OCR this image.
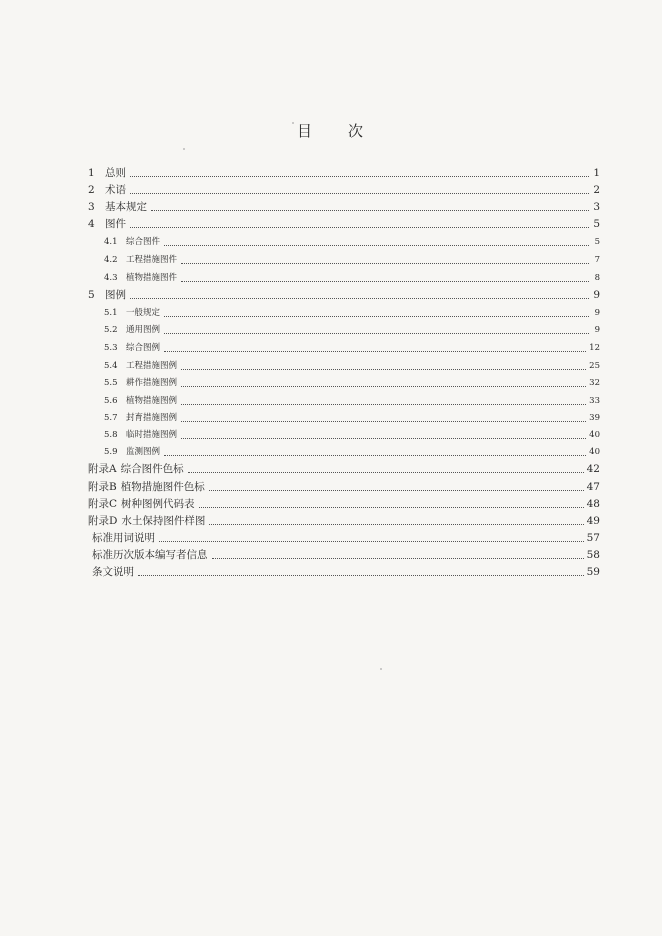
目 次
1 总则	1
2 术语	2
3 基本规定	3
4 图件	5
4.1 综合图件	5
4.2 工程措施图件	7
4.3 植物措施图件	8
5 图例	9
5.1 一般规定	9
5.2 通用图例	9
5.3 综合图例	12
5.4 工程措施图例	25
5.5 耕作措施图例	32
5.6 植物措施图例	33
5.7 封育措施图例	39
5.8 临时措施图例	40
5.9 监测图例	40
附录A 综合图件色标	42
附录B 植物措施图件色标	47
附录C 树种图例代码表	48
附录D 水土保持图件样图	49
标准用词说明	57
标准历次版本编写者信息	58
条文说明	59
